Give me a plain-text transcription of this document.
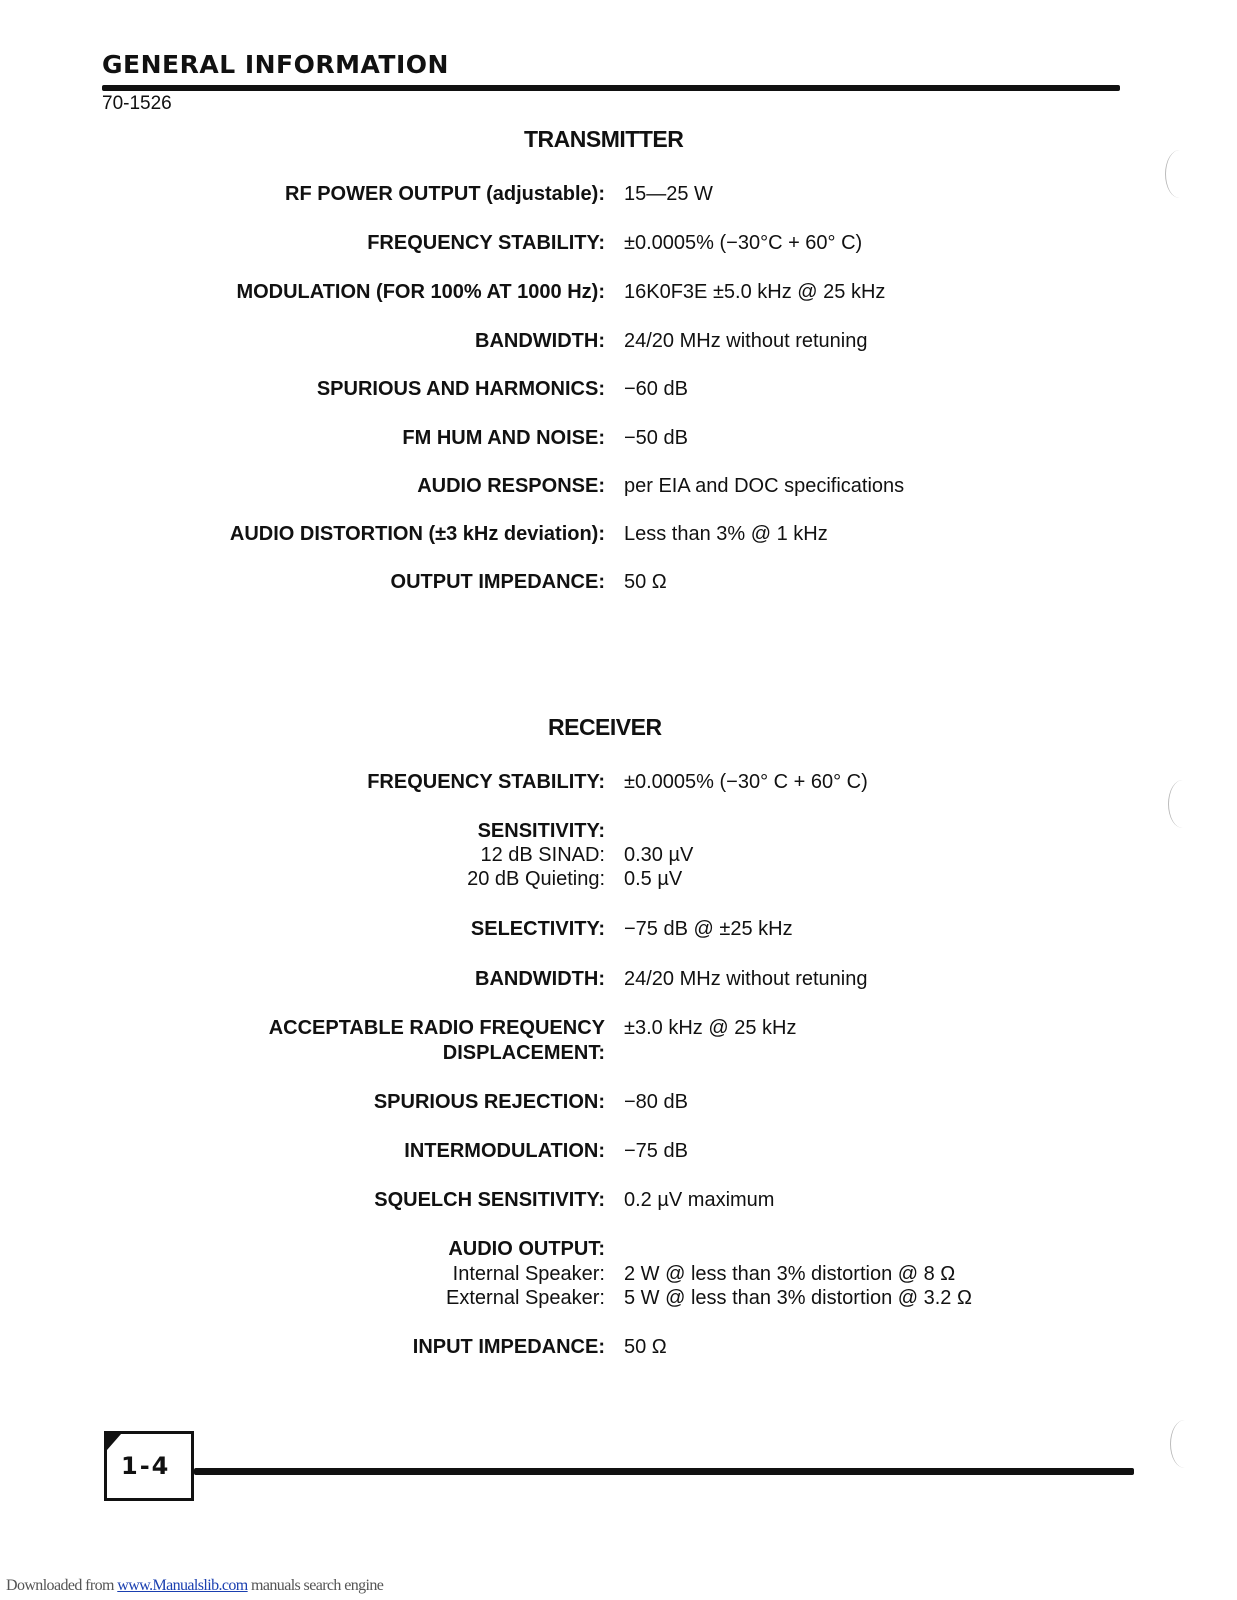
GENERAL INFORMATION
70-1526
TRANSMITTER
RF POWER OUTPUT (adjustable): 15—25 W
FREQUENCY STABILITY: ±0.0005% (−30°C + 60° C)
MODULATION (FOR 100% AT 1000 Hz): 16K0F3E ±5.0 kHz @ 25 kHz
BANDWIDTH: 24/20 MHz without retuning
SPURIOUS AND HARMONICS: −60 dB
FM HUM AND NOISE: −50 dB
AUDIO RESPONSE: per EIA and DOC specifications
AUDIO DISTORTION (±3 kHz deviation): Less than 3% @ 1 kHz
OUTPUT IMPEDANCE: 50 Ω
RECEIVER
FREQUENCY STABILITY: ±0.0005% (−30° C + 60° C)
SENSITIVITY:
12 dB SINAD: 0.30 µV
20 dB Quieting: 0.5 µV
SELECTIVITY: −75 dB @ ±25 kHz
BANDWIDTH: 24/20 MHz without retuning
ACCEPTABLE RADIO FREQUENCY
DISPLACEMENT:
±3.0 kHz @ 25 kHz
SPURIOUS REJECTION: −80 dB
INTERMODULATION: −75 dB
SQUELCH SENSITIVITY: 0.2 µV maximum
AUDIO OUTPUT:
Internal Speaker: 2 W @ less than 3% distortion @ 8 Ω
External Speaker: 5 W @ less than 3% distortion @ 3.2 Ω
INPUT IMPEDANCE: 50 Ω
1-4
Downloaded from www.Manualslib.com manuals search engine
